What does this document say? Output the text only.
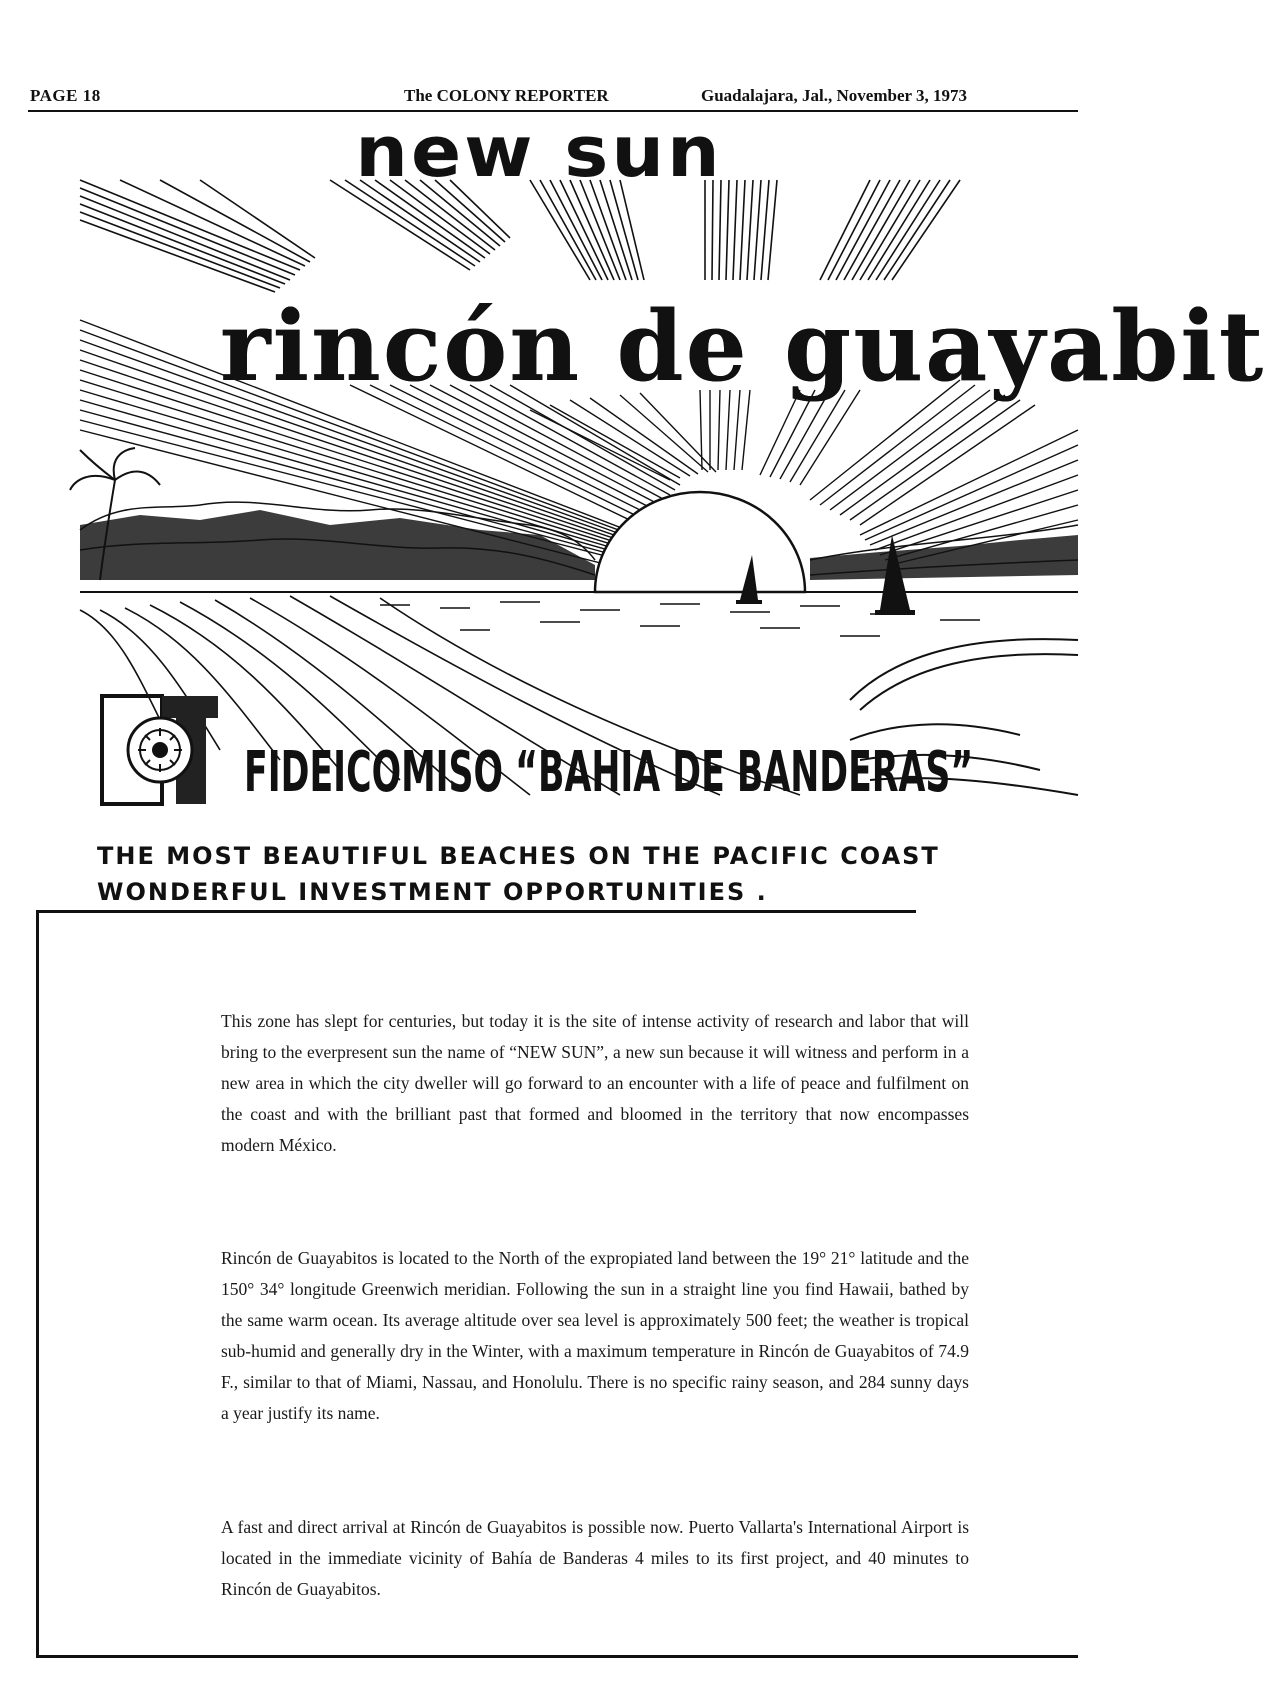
PAGE 18	The COLONY REPORTER	Guadalajara, Jal., November 3, 1973
new sun
rincón de guayabit
FIDEICOMISO “BAHIA DE BANDERAS”
THE MOST BEAUTIFUL BEACHES ON THE PACIFIC COAST
WONDERFUL INVESTMENT OPPORTUNITIES .

This zone has slept for centuries, but today it is the site of intense activity of research and labor that will bring to the everpresent sun the name of “NEW SUN”, a new sun because it will witness and perform in a new area in which the city dweller will go forward to an encounter with a life of peace and fulfilment on the coast and with the brilliant past that formed and bloomed in the territory that now encompasses modern México.

Rincón de Guayabitos is located to the North of the expropiated land between the 19° 21° latitude and the 150° 34° longitude Greenwich meridian. Following the sun in a straight line you find Hawaii, bathed by the same warm ocean. Its average altitude over sea level is approximately 500 feet; the weather is tropical sub-humid and generally dry in the Winter, with a maximum temperature in Rincón de Guayabitos of 74.9 F., similar to that of Miami, Nassau, and Honolulu. There is no specific rainy season, and 284 sunny days a year justify its name.

A fast and direct arrival at Rincón de Guayabitos is possible now. Puerto Vallarta's International Airport is located in the immediate vicinity of Bahía de Banderas 4 miles to its first project, and 40 minutes to Rincón de Guayabitos.
